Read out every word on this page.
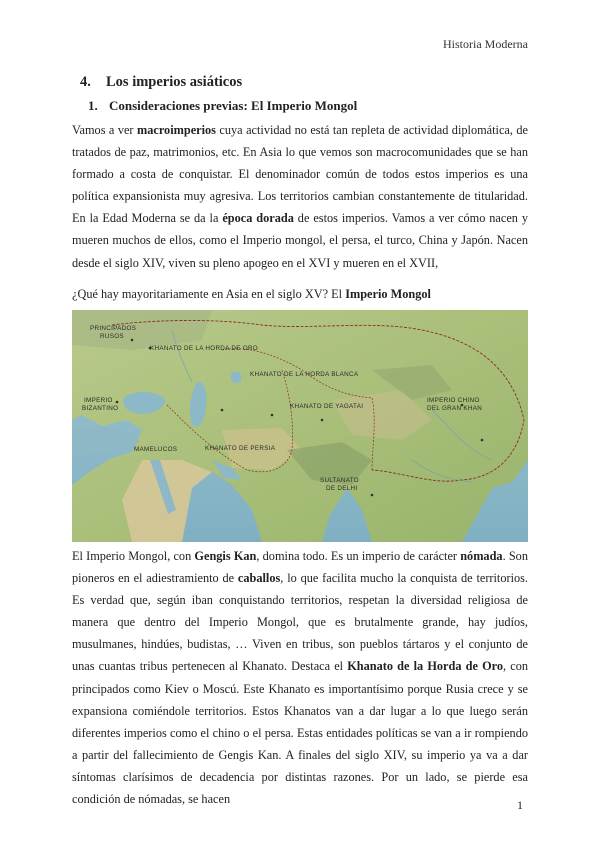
Historia Moderna
4. Los imperios asiáticos
1. Consideraciones previas: El Imperio Mongol

Vamos a ver macroimperios cuya actividad no está tan repleta de actividad diplomática, de tratados de paz, matrimonios, etc. En Asia lo que vemos son macrocomunidades que se han formado a costa de conquistar. El denominador común de todos estos imperios es una política expansionista muy agresiva. Los territorios cambian constantemente de titularidad. En la Edad Moderna se da la época dorada de estos imperios. Vamos a ver cómo nacen y mueren muchos de ellos, como el Imperio mongol, el persa, el turco, China y Japón. Nacen desde el siglo XIV, viven su pleno apogeo en el XVI y mueren en el XVII,

¿Qué hay mayoritariamente en Asia en el siglo XV? El Imperio Mongol
PRINCIPADOS
RUSOS
KHANATO DE LA HORDA DE ORO
KHANATO DE LA HORDA BLANCA
KHANATO DE YAGATAI
IMPERIO
BIZANTINO
MAMELUCOS	KHANATO DE PERSIA
IMPERIO CHINO
DEL GRAN KHAN
SULTANATO
DE DELHI

El Imperio Mongol, con Gengis Kan, domina todo. Es un imperio de carácter nómada. Son pioneros en el adiestramiento de caballos, lo que facilita mucho la conquista de territorios. Es verdad que, según iban conquistando territorios, respetan la diversidad religiosa de manera que dentro del Imperio Mongol, que es brutalmente grande, hay judíos, musulmanes, hindúes, budistas, … Viven en tribus, son pueblos tártaros y el conjunto de unas cuantas tribus pertenecen al Khanato. Destaca el Khanato de la Horda de Oro, con principados como Kiev o Moscú. Este Khanato es importantísimo porque Rusia crece y se expansiona comiéndole territorios. Estos Khanatos van a dar lugar a lo que luego serán diferentes imperios como el chino o el persa. Estas entidades políticas se van a ir rompiendo a partir del fallecimiento de Gengis Kan. A finales del siglo XIV, su imperio ya va a dar síntomas clarísimos de decadencia por distintas razones. Por un lado, se pierde esa condición de nómadas, se hacen	1
